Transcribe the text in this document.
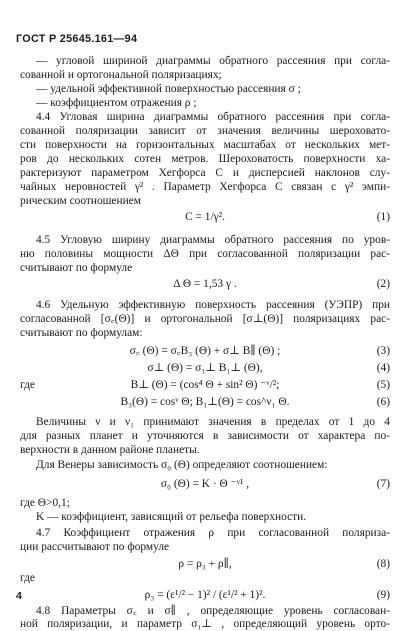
ГОСТ Р 25645.161—94
— угловой шириной диаграммы обратного рассеяния при согла-
сованной и ортогональной поляризациях;
— удельной эффективной поверхностью рассеяния σ ;
— коэффициентом отражения ρ ;
4.4 Угловая ширина диаграммы обратного рассеяния при согла-
сованной поляризации зависит от значения величины шероховато-
сти поверхности на горизонтальных масштабах от нескольких мет-
ров до нескольких сотен метров. Шероховатость поверхности ха-
рактеризуют параметром Хегфорса C и дисперсией наклонов слу-
чайных неровностей γ² . Параметр Хегфорса C связан с γ² эмпи-
рическим соотношением
C = 1/γ².	(1)
4.5 Угловую ширину диаграммы обратного рассеяния по уров-
ню половины мощности ΔΘ при согласованной поляризации рас-
считывают по формуле
Δ Θ = 1,53 γ .	(2)
4.6 Удельную эффективную поверхность рассеяния (УЭПР) при
согласованной [σ꜀(Θ)] и ортогональной [σ⊥(Θ)] поляризациях рас-
считывают по формулам:
σ꜀ (Θ) = σ꜀B₃ (Θ) + σ⊥ B∥ (Θ) ;	(3)
σ⊥ (Θ) = σ₁⊥ B₁⊥ (Θ),	(4)
где	B⊥ (Θ) = (cos⁴ Θ + sin² Θ) ⁻ᵛ/²;	(5)
B₃(Θ) = cosᵛ Θ; B₁⊥(Θ) = cos^ν₁ Θ.	(6)
Величины ν и ν₁ принимают значения в пределах от 1 до 4
для разных планет и уточняются в зависимости от характера по-
верхности в данном районе планеты.
Для Венеры зависимость σ₀ (Θ) определяют соотношением:
σ₀ (Θ) = K · Θ ⁻ᵛ¹ ,	(7)
где Θ>0,1;
K — коэффициент, зависящий от рельефа поверхности.
4.7 Коэффициент отражения ρ при согласованной поляриза-
ции рассчитывают по формуле
ρ = ρ₃ + ρ∥,	(8)
где
ρ₃ = (ε¹/² − 1)² / (ε¹/² + 1)².	(9)
4.8 Параметры σ꜀ и σ∥ , определяющие уровень согласован-
ной поляризации, и параметр σ₁⊥ , определяющий уровень орто-
4
